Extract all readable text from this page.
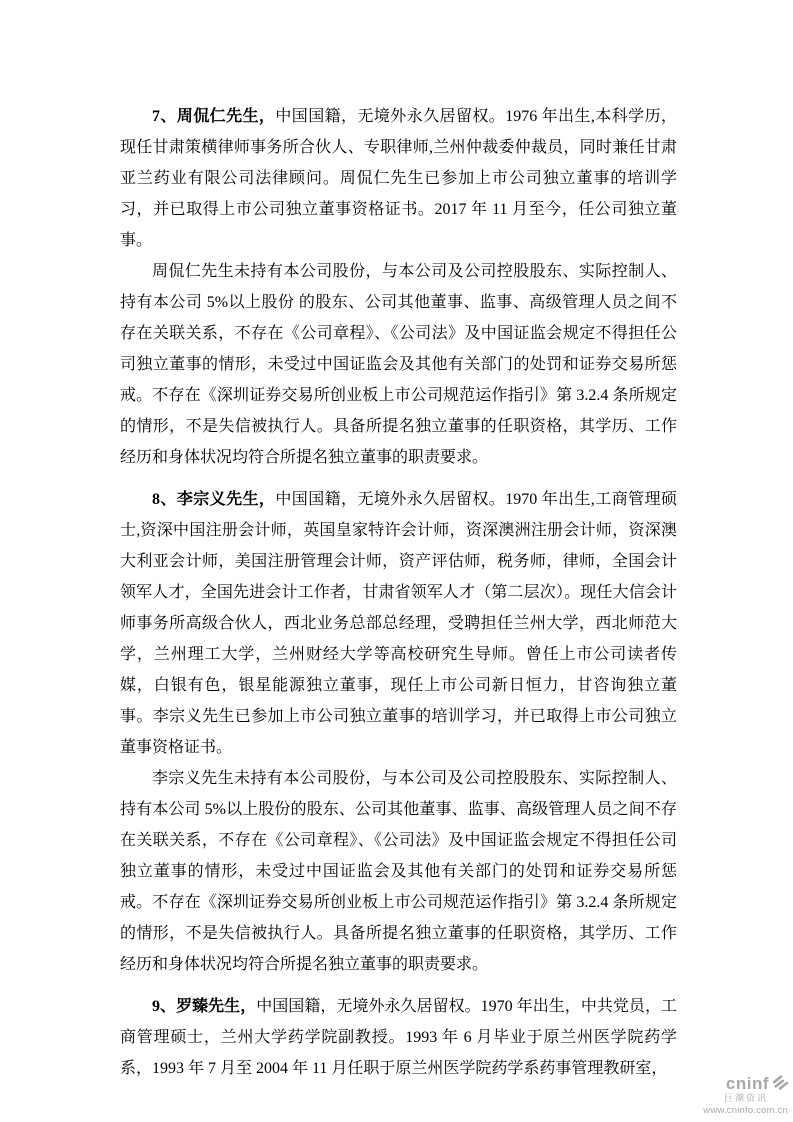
7、周侃仁先生，中国国籍，无境外永久居留权。1976 年出生,本科学历，现任甘肃策横律师事务所合伙人、专职律师,兰州仲裁委仲裁员，同时兼任甘肃亚兰药业有限公司法律顾问。周侃仁先生已参加上市公司独立董事的培训学习，并已取得上市公司独立董事资格证书。2017 年 11 月至今，任公司独立董事。

周侃仁先生未持有本公司股份，与本公司及公司控股股东、实际控制人、持有本公司 5%以上股份 的股东、公司其他董事、监事、高级管理人员之间不存在关联关系，不存在《公司章程》、《公司法》及中国证监会规定不得担任公司独立董事的情形，未受过中国证监会及其他有关部门的处罚和证券交易所惩戒。不存在《深圳证券交易所创业板上市公司规范运作指引》第 3.2.4 条所规定的情形，不是失信被执行人。具备所提名独立董事的任职资格，其学历、工作经历和身体状况均符合所提名独立董事的职责要求。

8、李宗义先生，中国国籍，无境外永久居留权。1970 年出生,工商管理硕士,资深中国注册会计师，英国皇家特许会计师，资深澳洲注册会计师，资深澳大利亚会计师，美国注册管理会计师，资产评估师，税务师，律师，全国会计领军人才，全国先进会计工作者，甘肃省领军人才（第二层次）。现任大信会计师事务所高级合伙人，西北业务总部总经理，受聘担任兰州大学，西北师范大学，兰州理工大学，兰州财经大学等高校研究生导师。曾任上市公司读者传媒，白银有色，银星能源独立董事，现任上市公司新日恒力，甘咨询独立董事。李宗义先生已参加上市公司独立董事的培训学习，并已取得上市公司独立董事资格证书。

李宗义先生未持有本公司股份，与本公司及公司控股股东、实际控制人、持有本公司 5%以上股份的股东、公司其他董事、监事、高级管理人员之间不存在关联关系，不存在《公司章程》、《公司法》及中国证监会规定不得担任公司独立董事的情形，未受过中国证监会及其他有关部门的处罚和证券交易所惩戒。不存在《深圳证券交易所创业板上市公司规范运作指引》第 3.2.4 条所规定的情形，不是失信被执行人。具备所提名独立董事的任职资格，其学历、工作经历和身体状况均符合所提名独立董事的职责要求。

9、罗臻先生，中国国籍，无境外永久居留权。1970 年出生，中共党员，工商管理硕士，兰州大学药学院副教授。1993 年 6 月毕业于原兰州医学院药学系，1993 年 7 月至 2004 年 11 月任职于原兰州医学院药学系药事管理教研室，

cninf
巨潮资讯
www.cninfo.com.cn
